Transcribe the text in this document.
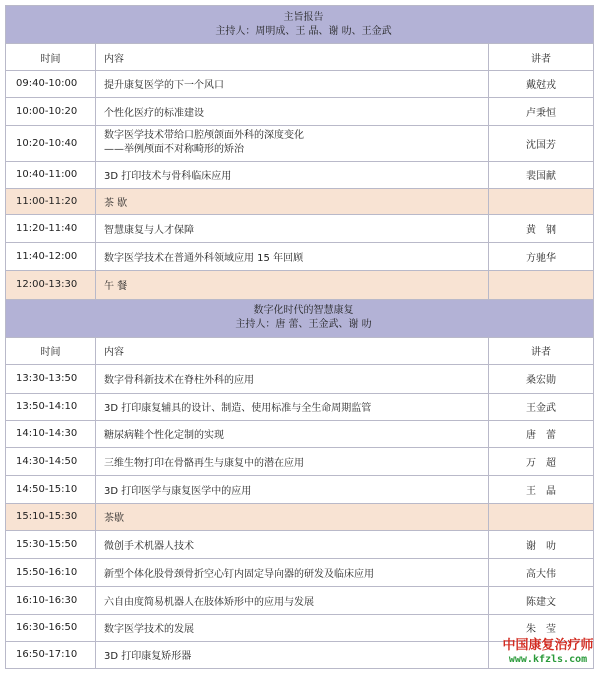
主旨报告
主持人：周明成、王 晶、谢 叻、王金武		

时间	内容	讲者
09:40-10:00	提升康复医学的下一个风口	戴尅戎
10:00-10:20	个性化医疗的标准建设	卢秉恒
10:20-10:40	数字医学技术带给口腔颅颌面外科的深度变化
——举例颅面不对称畸形的矫治	沈国芳
10:40-11:00	3D 打印技术与骨科临床应用	裴国献
11:00-11:20	茶 歇	
11:20-11:40	智慧康复与人才保障	黄　钢
11:40-12:00	数字医学技术在普通外科领域应用 15 年回顾	方驰华
12:00-13:30	午 餐	

数字化时代的智慧康复
主持人：唐 蕾、王金武、谢 叻		

时间	内容	讲者
13:30-13:50	数字骨科新技术在脊柱外科的应用	桑宏勋
13:50-14:10	3D 打印康复辅具的设计、制造、使用标准与全生命周期监管	王金武
14:10-14:30	糖尿病鞋个性化定制的实现	唐　蕾
14:30-14:50	三维生物打印在骨骼再生与康复中的潜在应用	万　超
14:50-15:10	3D 打印医学与康复医学中的应用	王　晶
15:10-15:30	茶歇	
15:30-15:50	微创手术机器人技术	谢　叻
15:50-16:10	新型个体化股骨颈骨折空心钉内固定导向器的研发及临床应用	高大伟
16:10-16:30	六自由度简易机器人在肢体矫形中的应用与发展	陈建文
16:30-16:50	数字医学技术的发展	朱　莹
16:50-17:10	3D 打印康复矫形器	
中国康复治疗师
www.kfzls.com
